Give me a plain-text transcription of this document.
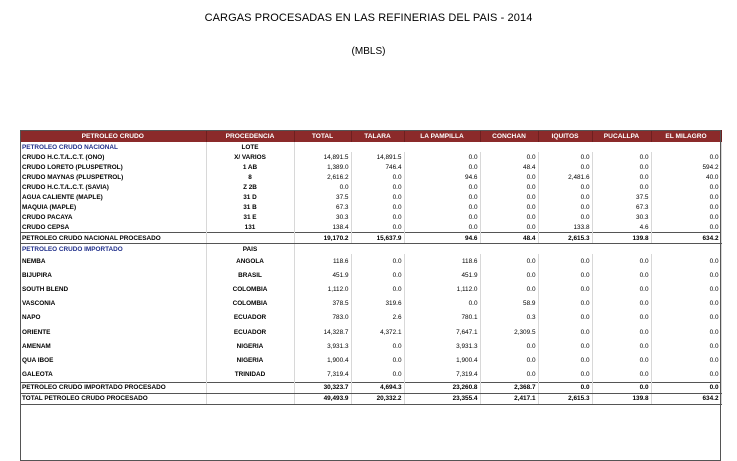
CARGAS PROCESADAS EN LAS REFINERIAS DEL PAIS - 2014
(MBLS)
PETROLEO CRUDO	PROCEDENCIA	TOTAL	TALARA	LA PAMPILLA	CONCHAN	IQUITOS	PUCALLPA	EL MILAGRO
PETROLEO CRUDO NACIONAL	LOTE							
CRUDO H.C.T./L.C.T. (ONO)	X/ VARIOS	14,891.5	14,891.5	0.0	0.0	0.0	0.0	0.0
CRUDO LORETO (PLUSPETROL)	1 AB	1,389.0	746.4	0.0	48.4	0.0	0.0	594.2
CRUDO MAYNAS (PLUSPETROL)	8	2,616.2	0.0	94.6	0.0	2,481.6	0.0	40.0
CRUDO H.C.T./L.C.T. (SAVIA)	Z 2B	0.0	0.0	0.0	0.0	0.0	0.0	0.0
AGUA CALIENTE (MAPLE)	31 D	37.5	0.0	0.0	0.0	0.0	37.5	0.0
MAQUIA (MAPLE)	31 B	67.3	0.0	0.0	0.0	0.0	67.3	0.0
CRUDO PACAYA	31 E	30.3	0.0	0.0	0.0	0.0	30.3	0.0
CRUDO CEPSA	131	138.4	0.0	0.0	0.0	133.8	4.6	0.0
PETROLEO CRUDO NACIONAL PROCESADO		19,170.2	15,637.9	94.6	48.4	2,615.3	139.8	634.2
PETROLEO CRUDO IMPORTADO	PAIS							
NEMBA	ANGOLA	118.6	0.0	118.6	0.0	0.0	0.0	0.0
BIJUPIRA	BRASIL	451.9	0.0	451.9	0.0	0.0	0.0	0.0
SOUTH BLEND	COLOMBIA	1,112.0	0.0	1,112.0	0.0	0.0	0.0	0.0
VASCONIA	COLOMBIA	378.5	319.6	0.0	58.9	0.0	0.0	0.0
NAPO	ECUADOR	783.0	2.6	780.1	0.3	0.0	0.0	0.0
ORIENTE	ECUADOR	14,328.7	4,372.1	7,647.1	2,309.5	0.0	0.0	0.0
AMENAM	NIGERIA	3,931.3	0.0	3,931.3	0.0	0.0	0.0	0.0
QUA IBOE	NIGERIA	1,900.4	0.0	1,900.4	0.0	0.0	0.0	0.0
GALEOTA	TRINIDAD	7,319.4	0.0	7,319.4	0.0	0.0	0.0	0.0
PETROLEO CRUDO IMPORTADO PROCESADO		30,323.7	4,694.3	23,260.8	2,368.7	0.0	0.0	0.0
TOTAL PETROLEO CRUDO PROCESADO		49,493.9	20,332.2	23,355.4	2,417.1	2,615.3	139.8	634.2
